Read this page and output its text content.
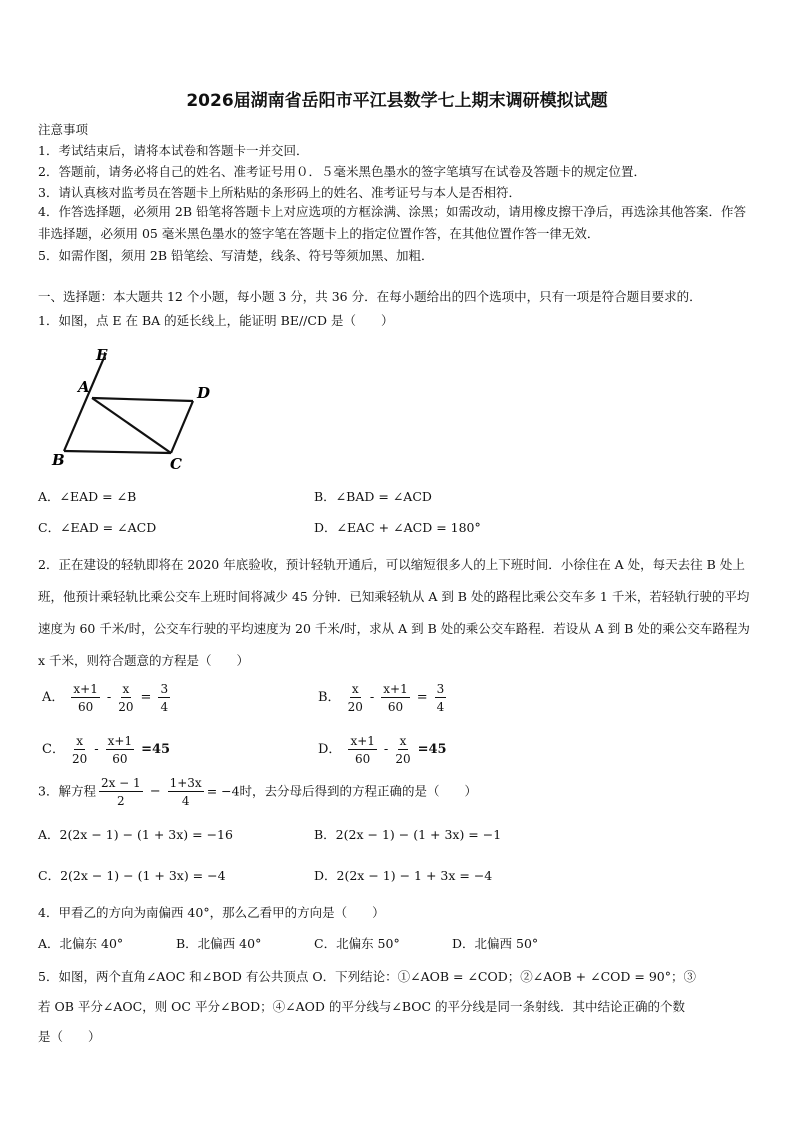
2026届湖南省岳阳市平江县数学七上期末调研模拟试题
注意事项
1．考试结束后，请将本试卷和答题卡一并交回．
2．答题前，请务必将自己的姓名、准考证号用０．５毫米黑色墨水的签字笔填写在试卷及答题卡的规定位置．
3．请认真核对监考员在答题卡上所粘贴的条形码上的姓名、准考证号与本人是否相符．
4．作答选择题，必须用 2B 铅笔将答题卡上对应选项的方框涂满、涂黑；如需改动，请用橡皮擦干净后，再选涂其他答案．作答非选择题，必须用 05 毫米黑色墨水的签字笔在答题卡上的指定位置作答，在其他位置作答一律无效．
5．如需作图，须用 2B 铅笔绘、写清楚，线条、符号等须加黑、加粗．
一、选择题：本大题共 12 个小题，每小题 3 分，共 36 分．在每小题给出的四个选项中，只有一项是符合题目要求的．
1．如图，点 E 在 BA 的延长线上，能证明 BE//CD 是（　　）
E
A	D
B	C
A．∠EAD = ∠B	B．∠BAD = ∠ACD
C．∠EAD = ∠ACD	D．∠EAC + ∠ACD = 180°
2．正在建设的轻轨即将在 2020 年底验收，预计轻轨开通后，可以缩短很多人的上下班时间．小徐住在 A 处，每天去往 B 处上班，他预计乘轻轨比乘公交车上班时间将减少 45 分钟．已知乘轻轨从 A 到 B 处的路程比乘公交车多 1 千米，若轻轨行驶的平均速度为 60 千米/时，公交车行驶的平均速度为 20 千米/时，求从 A 到 B 处的乘公交车路程．若设从 A 到 B 处的乘公交车路程为 x 千米，则符合题意的方程是（　　）
A． $\frac{x+1}{60} - \frac{x}{20} = \frac{3}{4}$	B． $\frac{x}{20} - \frac{x+1}{60} = \frac{3}{4}$
C． $\frac{x}{20} - \frac{x+1}{60} =45$	D． $\frac{x+1}{60} - \frac{x}{20} =45$
3．解方程 $\frac{2x - 1}{2} - \frac{1+3x}{4} = -4$时，去分母后得到的方程正确的是（　　）
A．2(2x − 1) − (1 + 3x) = −16	B．2(2x − 1) − (1 + 3x) = −1
C．2(2x − 1) − (1 + 3x) = −4	D．2(2x − 1) − 1 + 3x = −4
4．甲看乙的方向为南偏西 40°，那么乙看甲的方向是（　　）
A．北偏东 40°	B．北偏西 40°	C．北偏东 50°	D．北偏西 50°
5．如图，两个直角∠AOC 和∠BOD 有公共顶点 O．下列结论：①∠AOB = ∠COD；②∠AOB + ∠COD = 90°；③
若 OB 平分∠AOC，则 OC 平分∠BOD；④∠AOD 的平分线与∠BOC 的平分线是同一条射线．其中结论正确的个数
是（　　）
